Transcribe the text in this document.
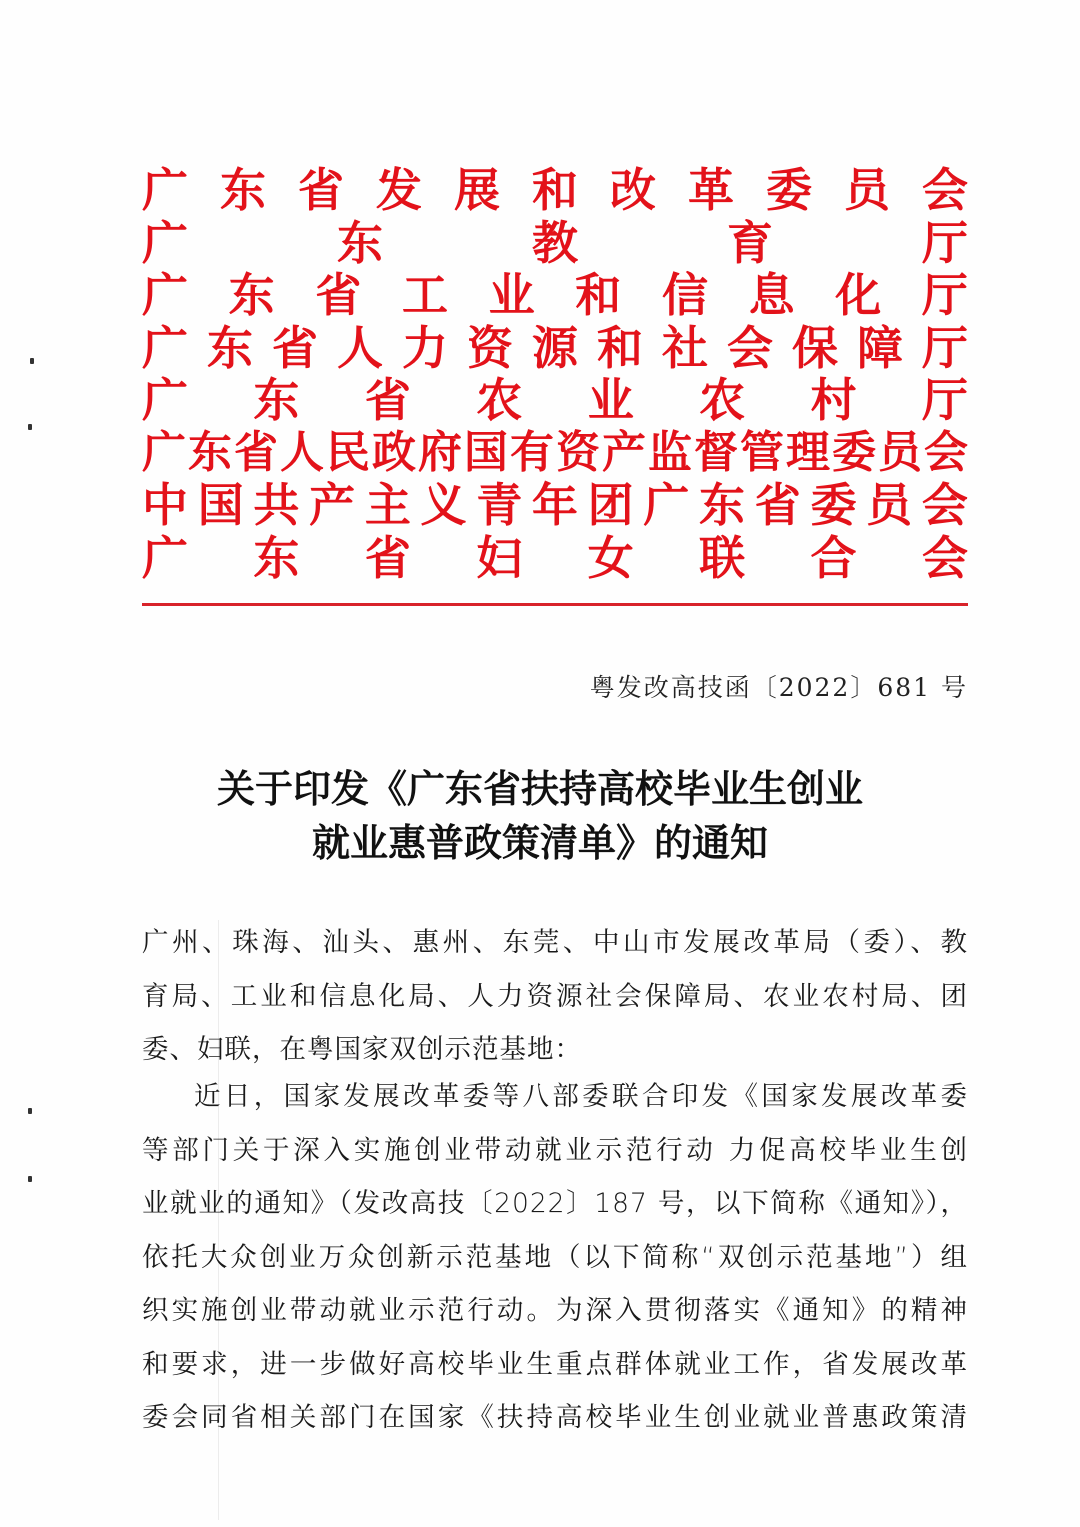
广 东 省 发 展 和 改 革 委 员 会
广	东	教	育	厅
广 东 省 工 业 和 信 息 化 厅
广 东 省 人 力 资 源 和 社 会 保 障 厅
广 东 省 农 业 农 村 厅
广 东 省 人 民 政 府 国 有 资 产 监 督 管 理 委 员 会
中 国 共 产 主 义 青 年 团 广 东 省 委 员 会
广 东 省 妇 女 联 合 会
粤发改高技函〔2022〕681 号
关于印发《广东省扶持高校毕业生创业
就业惠普政策清单》的通知
广州、珠海、汕头、惠州、东莞、中山市发展改革局（委）、教
育局、工业和信息化局、人力资源社会保障局、农业农村局、团
委、妇联，在粤国家双创示范基地：
近日，国家发展改革委等八部委联合印发《国家发展改革委
等部门关于深入实施创业带动就业示范行动 力促高校毕业生创
业就业的通知》（发改高技〔2022〕187 号，以下简称《通知》），
依托大众创业万众创新示范基地（以下简称“双创示范基地”）组
织实施创业带动就业示范行动。为深入贯彻落实《通知》的精神
和要求，进一步做好高校毕业生重点群体就业工作，省发展改革
委会同省相关部门在国家《扶持高校毕业生创业就业普惠政策清
